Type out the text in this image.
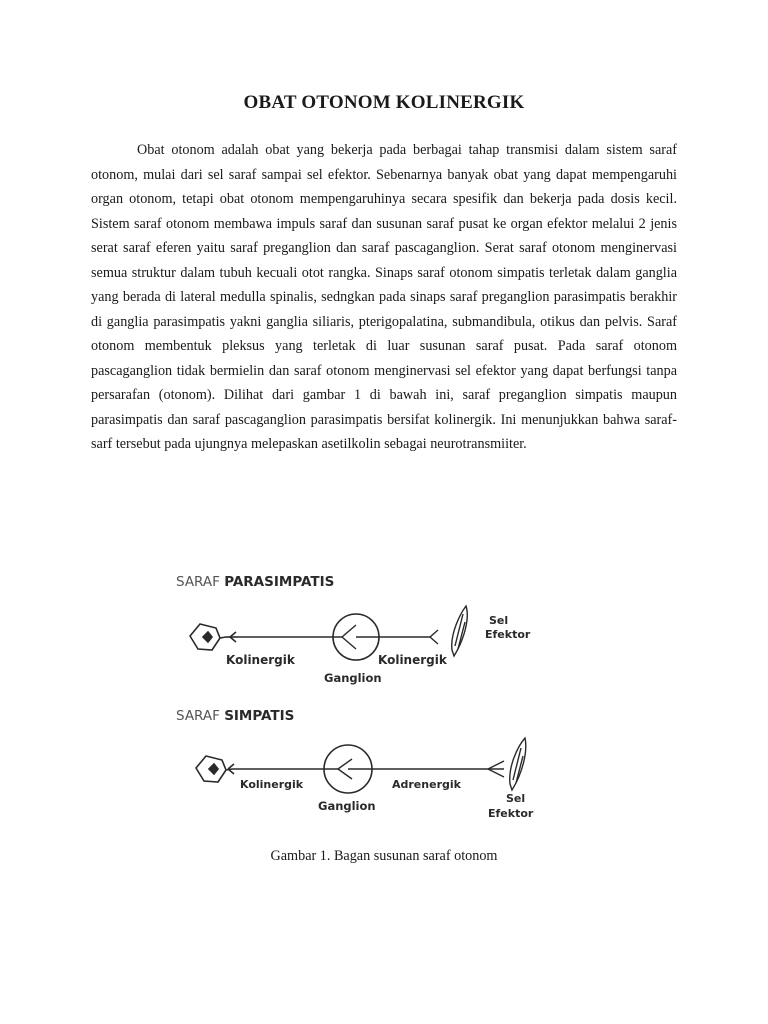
OBAT OTONOM KOLINERGIK

Obat otonom adalah obat yang bekerja pada berbagai tahap transmisi dalam sistem saraf otonom, mulai dari sel saraf sampai sel efektor. Sebenarnya banyak obat yang dapat mempengaruhi organ otonom, tetapi obat otonom mempengaruhinya secara spesifik dan bekerja pada dosis kecil. Sistem saraf otonom membawa impuls saraf dan susunan saraf pusat ke organ efektor melalui 2 jenis serat saraf eferen yaitu saraf preganglion dan saraf pascaganglion. Serat saraf otonom menginervasi semua struktur dalam tubuh kecuali otot rangka. Sinaps saraf otonom simpatis terletak dalam ganglia yang berada di lateral medulla spinalis, sedngkan pada sinaps saraf preganglion parasimpatis berakhir di ganglia parasimpatis yakni ganglia siliaris, pterigopalatina, submandibula, otikus dan pelvis. Saraf otonom membentuk pleksus yang terletak di luar susunan saraf pusat. Pada saraf otonom pascaganglion tidak bermielin dan saraf otonom menginervasi sel efektor yang dapat berfungsi tanpa persarafan (otonom). Dilihat dari gambar 1 di bawah ini, saraf preganglion simpatis maupun parasimpatis dan saraf pascaganglion parasimpatis bersifat kolinergik. Ini menunjukkan bahwa saraf-sarf tersebut pada ujungnya melepaskan asetilkolin sebagai neurotransmiiter.

SARAF PARASIMPATIS
Sel
Efektor
Kolinergik	Kolinergik
Ganglion
SARAF SIMPATIS
Kolinergik	Adrenergik
Ganglion
Sel
Efektor
Gambar 1. Bagan susunan saraf otonom
